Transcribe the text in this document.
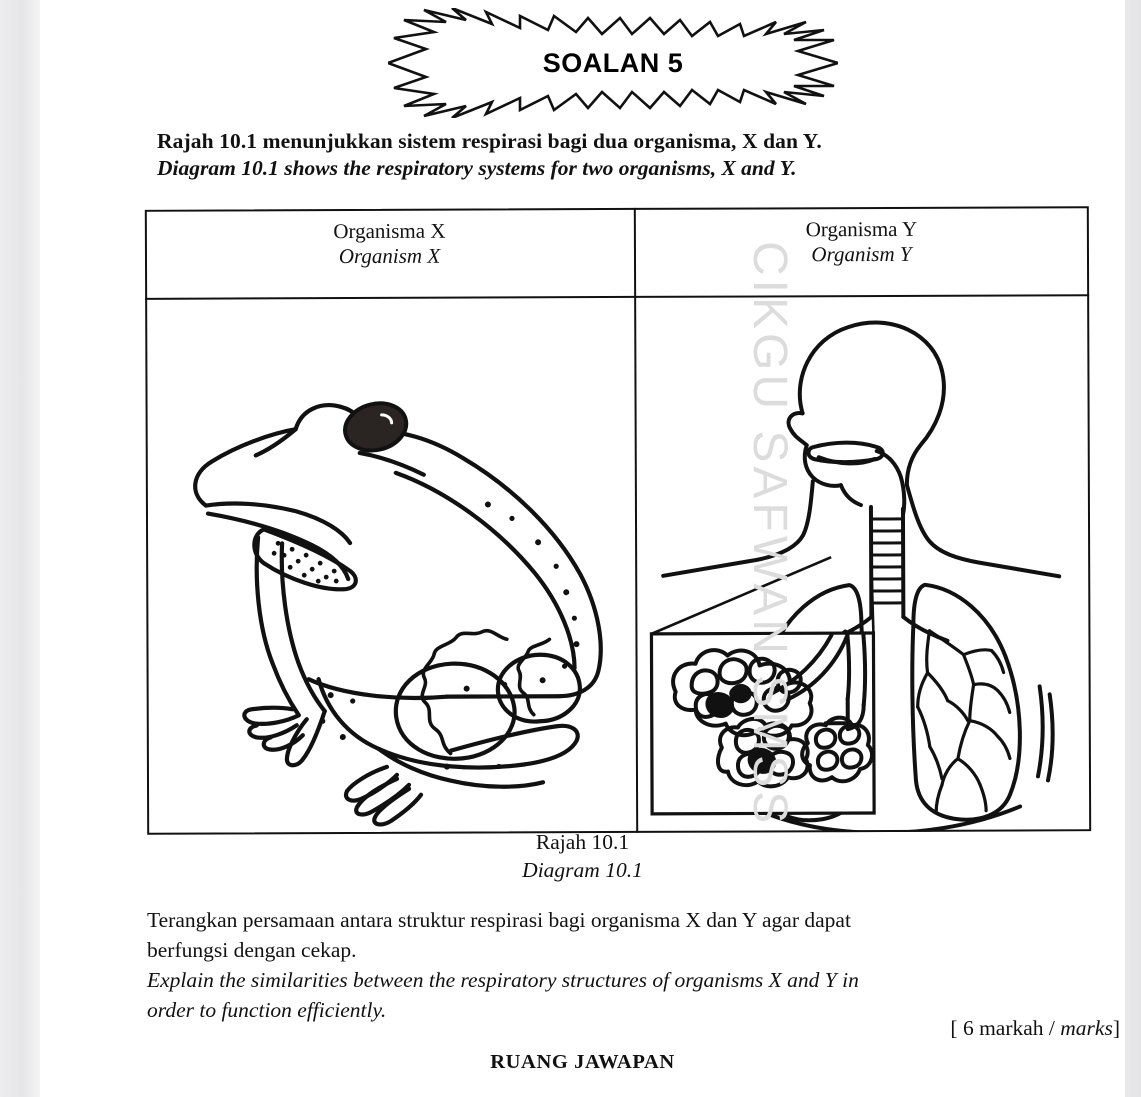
SOALAN 5
Rajah 10.1 menunjukkan sistem respirasi bagi dua organisma, X dan Y.
Diagram 10.1 shows the respiratory systems for two organisms, X and Y.
Organisma X
Organism X
Organisma Y
Organism Y
Rajah 10.1
Diagram 10.1
Terangkan persamaan antara struktur respirasi bagi organisma X dan Y agar dapat
berfungsi dengan cekap.
Explain the similarities between the respiratory structures of organisms X and Y in
order to function efficiently.
[ 6 markah / marks]
RUANG JAWAPAN
CIKGU SAFWAN SMSS
